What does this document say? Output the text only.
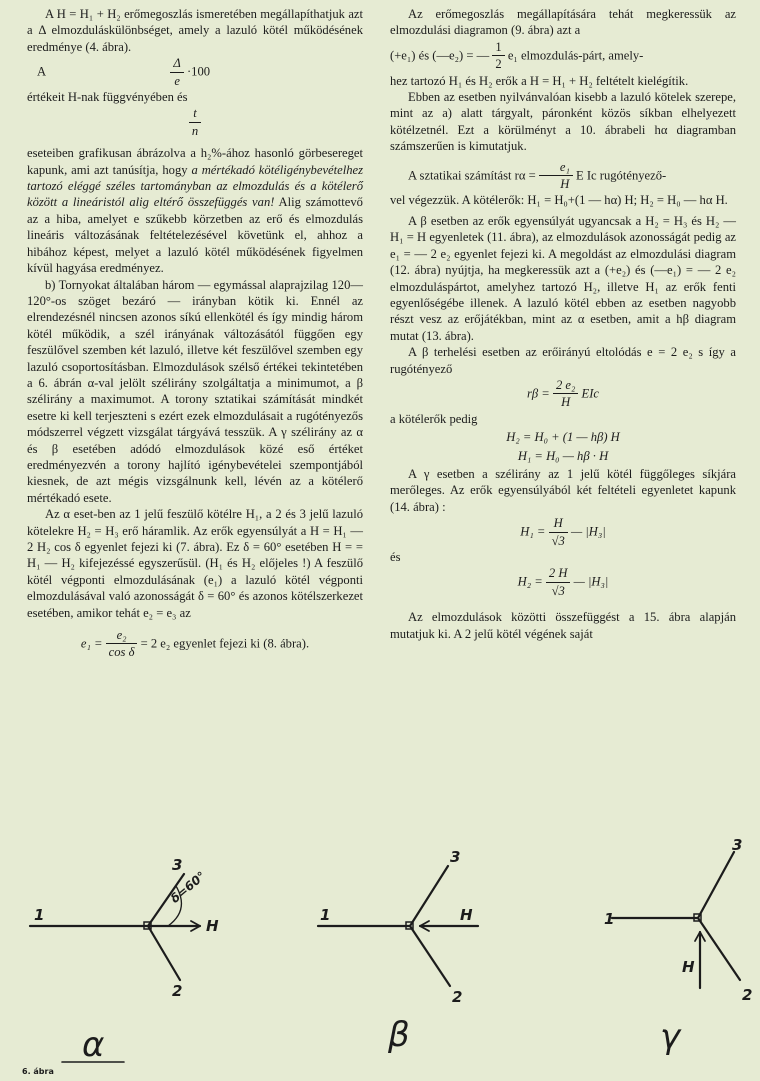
A H = H₁ + H₂ erőmegoszlás ismeretében megállapíthatjuk azt a Δ elmozduláskülönbséget, amely a lazuló kötél működésének eredménye (4. ábra).

A	$\frac{\Delta}{e} \cdot 100$

értékeit H-nak függvényében és

$\frac{t}{n}$

eseteiben grafikusan ábrázolva a h₂%-ához hasonló görbesereget kapunk, ami azt tanúsítja, hogy a mértékadó kötéligénybevételhez tartozó eléggé széles tartományban az elmozdulás és a kötélerő között a lineáristól alig eltérő összefüggés van! Alig számottevő az a hiba, amelyet e szűkebb körzetben az erő és elmozdulás lineáris változásának feltételezésével követünk el, ahhoz a hibához képest, melyet a lazuló kötél működésének figyelmen kívül hagyása eredményez.

b) Tornyokat általában három — egymással alaprajzilag 120—120°-os szöget bezáró — irányban kötik ki. Ennél az elrendezésnél nincsen azonos síkú ellenkötél és így mindig három kötél működik, a szél irányának változásától függően egy feszülővel szemben két lazuló, illetve két feszülővel szemben egy lazuló csoportosításban. Elmozdulások szélső értékei tekintetében a 6. ábrán α-val jelölt szélirány szolgáltatja a minimumot, a β szélirány a maximumot. A torony sztatikai számítását mindkét esetre ki kell terjeszteni s ezért ezek elmozdulásait a rugótényezős módszerrel végzett vizsgálat tárgyává tesszük. A γ szélirány az α és β esetében adódó elmozdulások közé eső értéket eredményezvén a torony hajlító igénybevételei szempontjából kiesnek, de azt mégis vizsgálnunk kell, lévén az a kötélerő mértékadó esete.

Az α eset-ben az 1 jelű feszülő kötélre H₁, a 2 és 3 jelű lazuló kötelekre H₂ = H₃ erő háramlik. Az erők egyensúlyát a H = H₁ — 2 H₂ cos δ egyenlet fejezi ki (7. ábra). Ez δ = 60° esetében H = = H₁ — H₂ kifejezéssé egyszerűsül. (H₁ és H₂ előjeles !) A feszülő kötél végponti elmozdulásának (e₁) a lazuló kötél végponti elmozdulásával való azonosságát δ = 60° és azonos kötélszerkezet esetében, amikor tehát e₂ = e₃ az

$e_1 = \frac{\text{e₂}}{\text{cos δ}} = 2$ e₂ egyenlet fejezi ki (8. ábra).

Az erőmegoszlás megállapítására tehát megkeressük az elmozdulási diagramon (9. ábra) azt a

(+e₁) és (—e₂) = — $\frac{1}{2} e_1$ elmozdulás-párt, amely-

hez tartozó H₁ és H₂ erők a H = H₁ + H₂ feltételt kielégítik.

Ebben az esetben nyilvánvalóan kisebb a lazuló kötelek szerepe, mint az a) alatt tárgyalt, páronként közös síkban elhelyezett kötélzetnél. Ezt a körülményt a 10. ábrabeli hα diagramban számszerűen is kimutatjuk.

A sztatikai számítást $r\alpha = \frac{\text{e₁}}{H}$ E Ic rugótényező-

vel végezzük. A kötélerők: H₁ = H₀+(1 — hα) H; H₂ = H₀ — hα H.

A β esetben az erők egyensúlyát ugyancsak a H₂ = H₃ és H₂ — H₁ = H egyenletek (11. ábra), az elmozdulások azonosságát pedig az e₁ = — 2 e₂ egyenlet fejezi ki. A megoldást az elmozdulási diagram (12. ábra) nyújtja, ha megkeressük azt a (+e₂) és (—e₁) = — 2 e₂ elmozduláspártot, amelyhez tartozó H₂, illetve H₁ az erők fenti egyenlőségébe illenek. A lazuló kötél ebben az esetben nagyobb részt vesz az erőjátékban, mint az α esetben, amit a hβ diagram mutat (13. ábra).

A β terhelési esetben az erőirányú eltolódás e = 2 e₂ s így a rugótényező

$r\beta = \frac{\text{2 e₂}}{H}$ EIc

a kötélerők pedig

H₂ = H₀ + (1 — hβ) H

H₁ = H₀ — hβ · H

A γ esetben a szélirány az 1 jelű kötél függőleges síkjára merőleges. Az erők egyensúlyából két feltételi egyenletet kapunk (14. ábra) :

$H_1 = \frac{H}{√3}$ — |H₃|

és

$H_2 = \frac{2 H}{√3}$ — |H₃|

Az elmozdulások közötti összefüggést a 15. ábra alapján mutatjuk ki. A 2 jelű kötél végének saját

1
3
2
H
δ=60°
1
3
2
H	1
3
2
H
α	β	γ
6. ábra
